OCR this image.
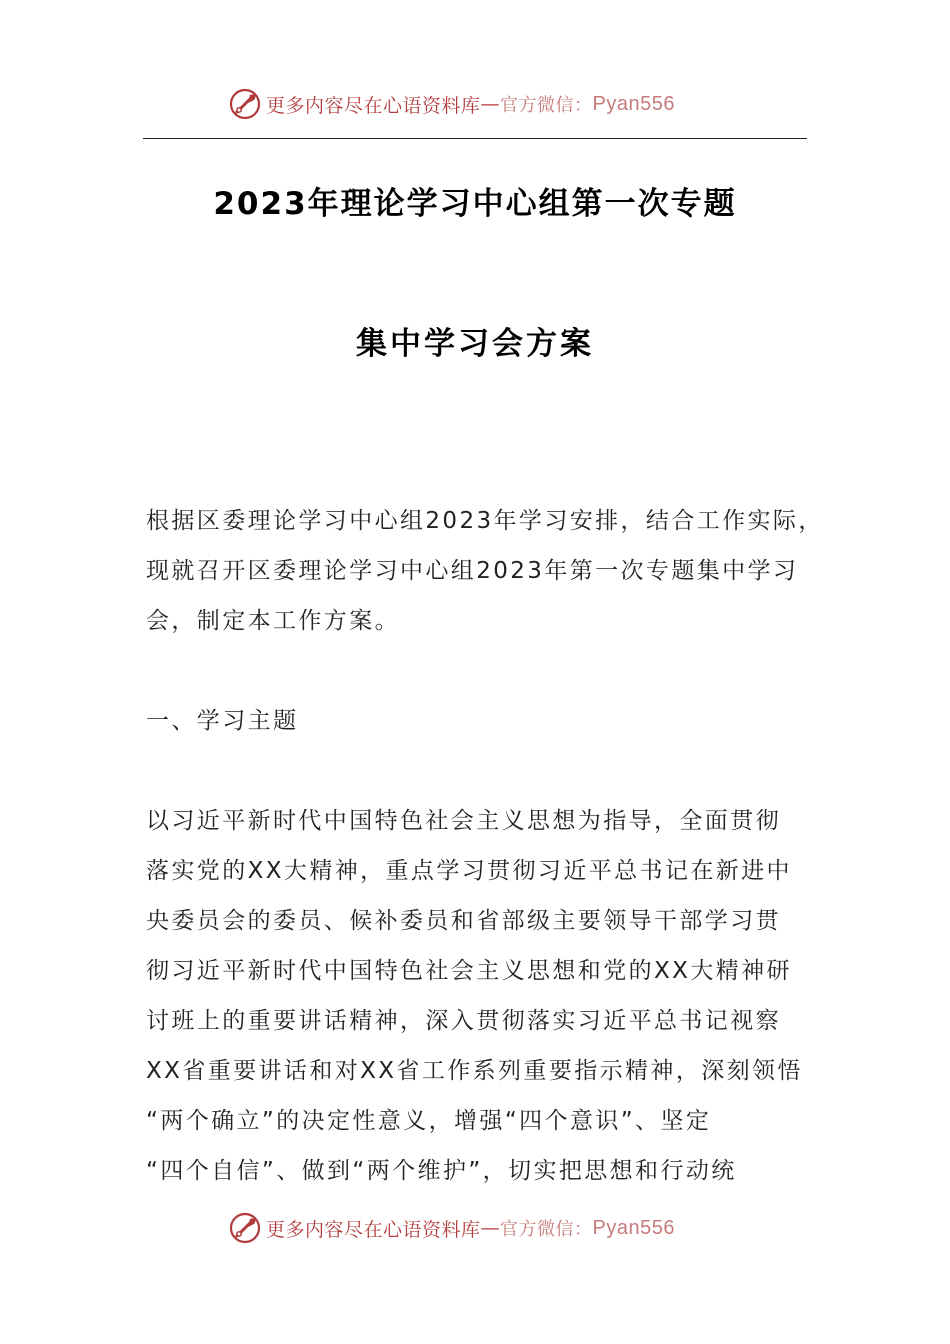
更多内容尽在心语资料库 — 官方微信： Pyan556
2023年理论学习中心组第一次专题
集中学习会方案
根据区委理论学习中心组2023年学习安排，结合工作实际，
现就召开区委理论学习中心组2023年第一次专题集中学习
会，制定本工作方案。
一、学习主题
以习近平新时代中国特色社会主义思想为指导，全面贯彻
落实党的XX大精神，重点学习贯彻习近平总书记在新进中
央委员会的委员、候补委员和省部级主要领导干部学习贯
彻习近平新时代中国特色社会主义思想和党的XX大精神研
讨班上的重要讲话精神，深入贯彻落实习近平总书记视察
XX省重要讲话和对XX省工作系列重要指示精神，深刻领悟
“两个确立”的决定性意义，增强“四个意识”、坚定
“四个自信”、做到“两个维护”，切实把思想和行动统
更多内容尽在心语资料库 — 官方微信： Pyan556
